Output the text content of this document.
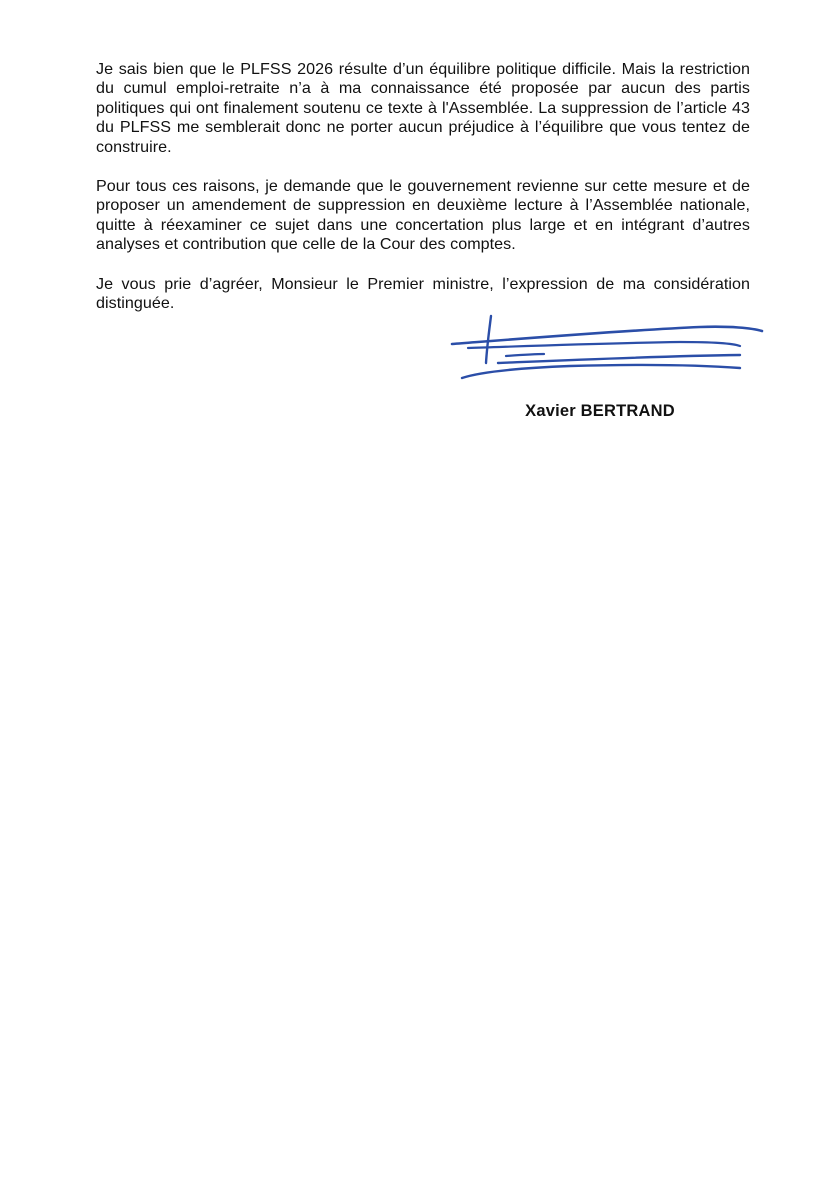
Je sais bien que le PLFSS 2026 résulte d’un équilibre politique difficile. Mais la restriction du cumul emploi-retraite n’a à ma connaissance été proposée par aucun des partis politiques qui ont finalement soutenu ce texte à l'Assemblée. La suppression de l’article 43 du PLFSS me semblerait donc ne porter aucun préjudice à l’équilibre que vous tentez de construire.

Pour tous ces raisons, je demande que le gouvernement revienne sur cette mesure et de proposer un amendement de suppression en deuxième lecture à l’Assemblée nationale, quitte à réexaminer ce sujet dans une concertation plus large et en intégrant d’autres analyses et contribution que celle de la Cour des comptes.

Je vous prie d’agréer, Monsieur le Premier ministre, l’expression de ma considération distinguée.

Xavier BERTRAND
